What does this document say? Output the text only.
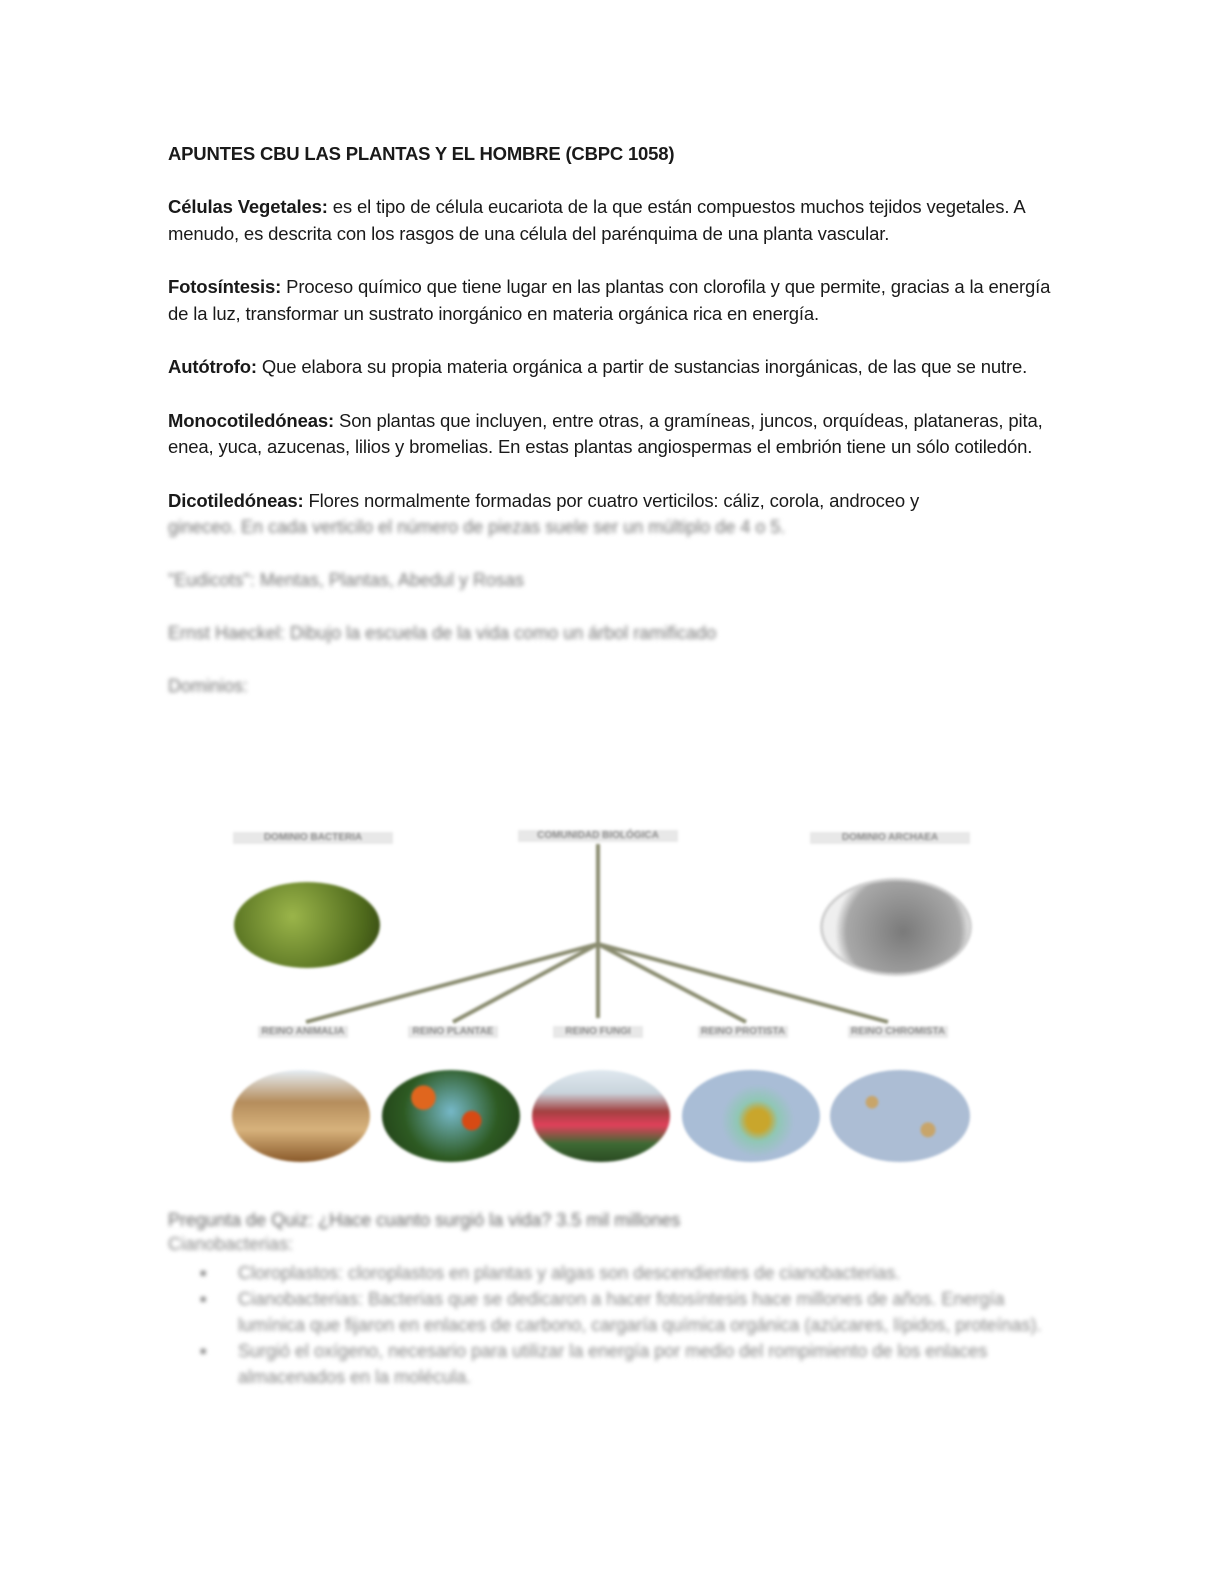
APUNTES CBU LAS PLANTAS Y EL HOMBRE (CBPC 1058)

Células Vegetales: es el tipo de célula eucariota de la que están compuestos muchos tejidos vegetales. A menudo, es descrita con los rasgos de una célula del parénquima de una planta vascular.

Fotosíntesis: Proceso químico que tiene lugar en las plantas con clorofila y que permite, gracias a la energía de la luz, transformar un sustrato inorgánico en materia orgánica rica en energía.

Autótrofo: Que elabora su propia materia orgánica a partir de sustancias inorgánicas, de las que se nutre.

Monocotiledóneas: Son plantas que incluyen, entre otras, a gramíneas, juncos, orquídeas, plataneras, pita, enea, yuca, azucenas, lilios y bromelias. En estas plantas angiospermas el embrión tiene un sólo cotiledón.

Dicotiledóneas: Flores normalmente formadas por cuatro verticilos: cáliz, corola, androceo y

gineceo. En cada verticilo el número de piezas suele ser un múltiplo de 4 o 5.

"Eudicots": Mentas, Plantas, Abedul y Rosas

Ernst Haeckel: Dibujo la escuela de la vida como un árbol ramificado

Dominios:

COMUNIDAD BIOLÓGICA
DOMINIO BACTERIA	DOMINIO ARCHAEA
REINO ANIMALIA	REINO PLANTAE	REINO FUNGI	REINO PROTISTA	REINO CHROMISTA
Pregunta de Quiz: ¿Hace cuanto surgió la vida? 3.5 mil millones
Cianobacterias:
▪ Cloroplastos: cloroplastos en plantas y algas son descendientes de cianobacterias.
▪ Cianobacterias: Bacterias que se dedicaron a hacer fotosíntesis hace millones de años. Energía lumínica que fijaron en enlaces de carbono, cargaría química orgánica (azúcares, lípidos, proteínas).
▪ Surgió el oxígeno, necesario para utilizar la energía por medio del rompimiento de los enlaces almacenados en la molécula.
